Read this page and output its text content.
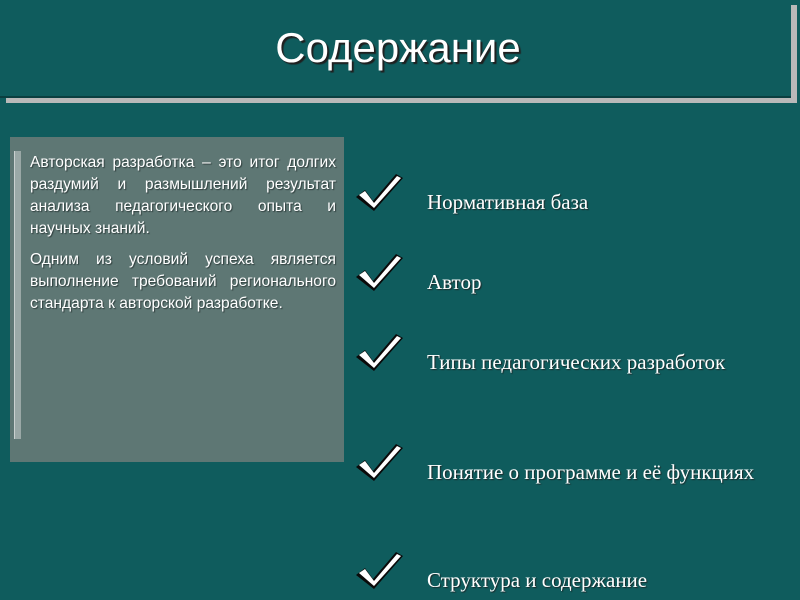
Содержание

Авторская разработка – это итог долгих раздумий и размышлений результат анализа педагогического опыта и научных знаний.

Одним из условий успеха является выполнение требований регионального стандарта к авторской разработке.

Нормативная база
Автор
Типы педагогических разработок
Понятие о программе и её функциях
Структура и содержание
